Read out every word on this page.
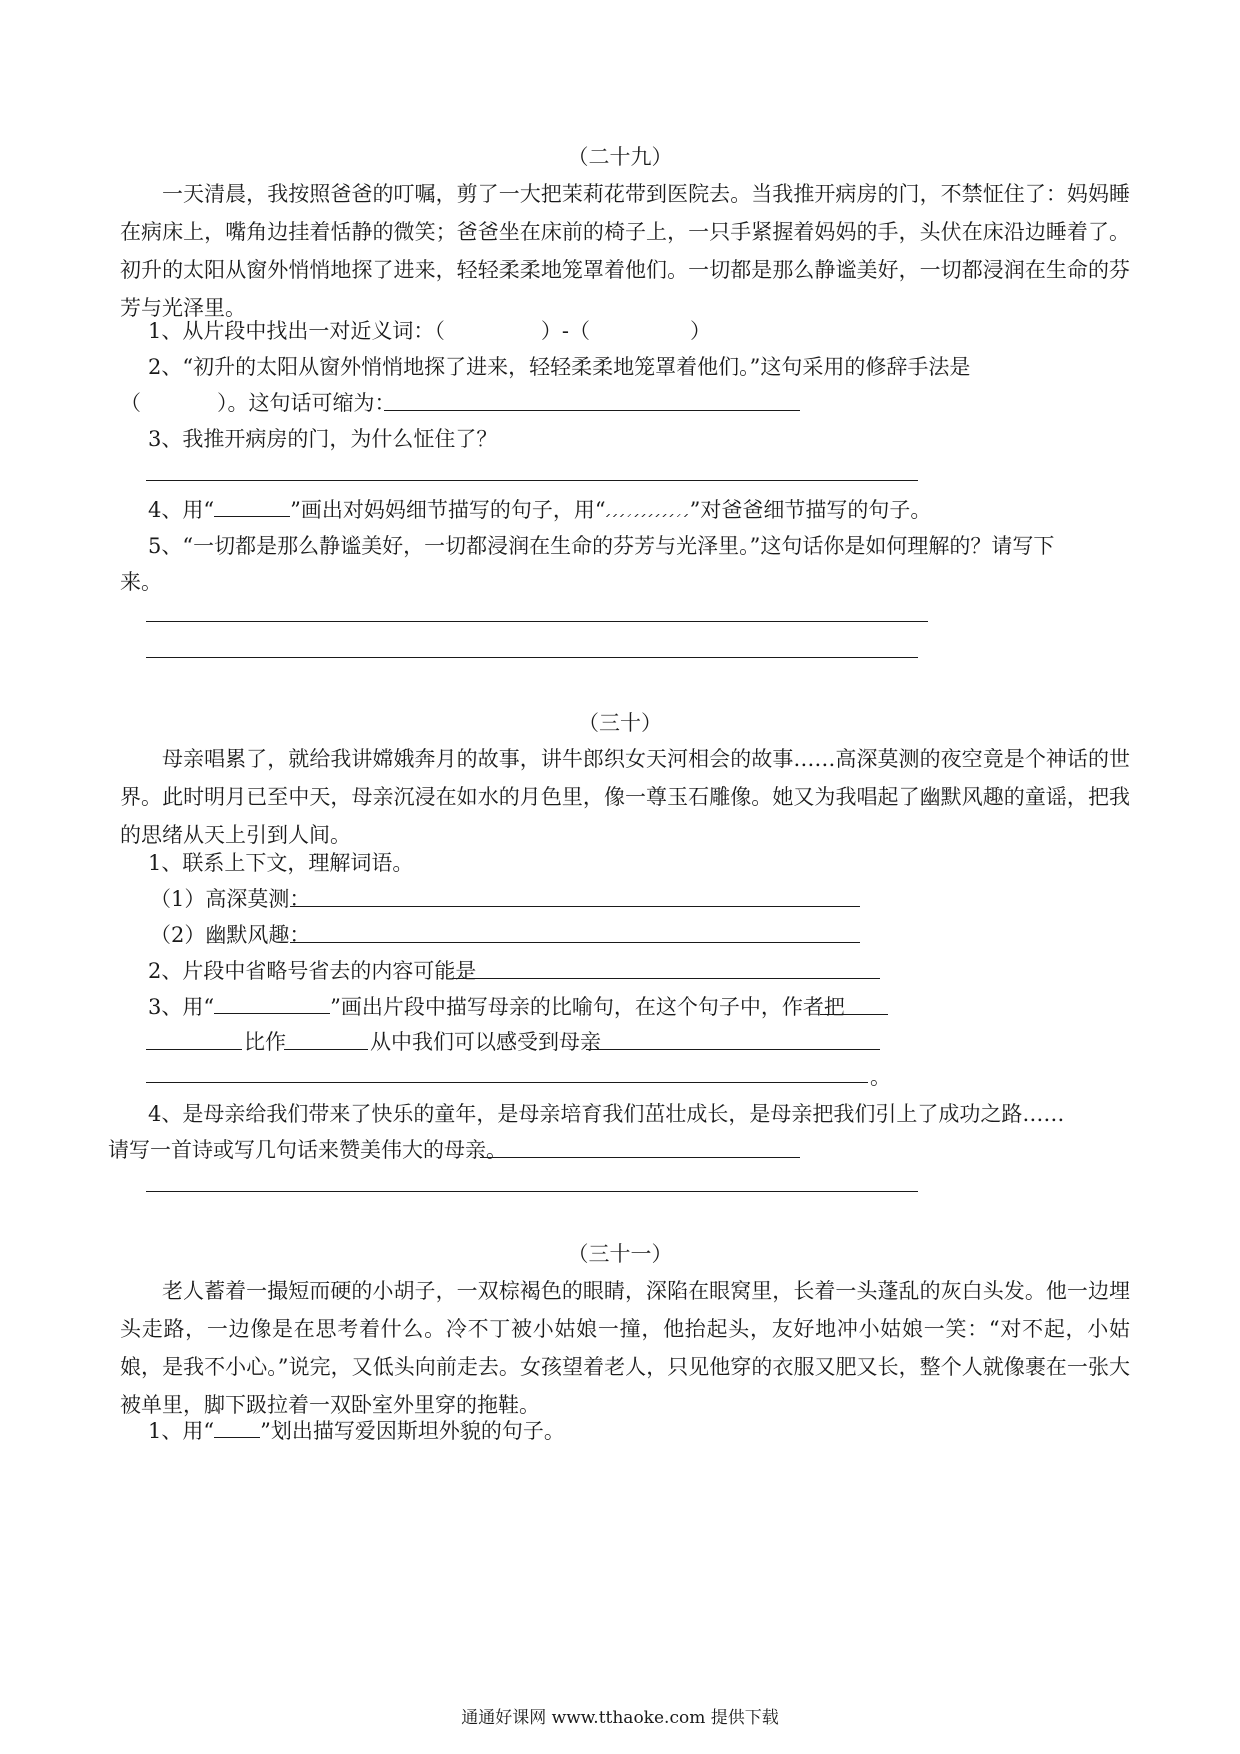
（二十九）
一天清晨，我按照爸爸的叮嘱，剪了一大把茉莉花带到医院去。当我推开病房的门，不禁怔住了：妈妈睡在病床上，嘴角边挂着恬静的微笑；爸爸坐在床前的椅子上，一只手紧握着妈妈的手，头伏在床沿边睡着了。初升的太阳从窗外悄悄地探了进来，轻轻柔柔地笼罩着他们。一切都是那么静谧美好，一切都浸润在生命的芬芳与光泽里。
1、从片段中找出一对近义词：（	）-（	）
2、“初升的太阳从窗外悄悄地探了进来，轻轻柔柔地笼罩着他们。”这句采用的修辞手法是
（	）。这句话可缩为：
3、我推开病房的门，为什么怔住了？
4、用“	”画出对妈妈细节描写的句子，用“	”对爸爸细节描写的句子。
5、“一切都是那么静谧美好，一切都浸润在生命的芬芳与光泽里。”这句话你是如何理解的？请写下
来。
（三十）
母亲唱累了，就给我讲嫦娥奔月的故事，讲牛郎织女天河相会的故事……高深莫测的夜空竟是个神话的世界。此时明月已至中天，母亲沉浸在如水的月色里，像一尊玉石雕像。她又为我唱起了幽默风趣的童谣，把我的思绪从天上引到人间。
1、联系上下文，理解词语。
（1）高深莫测：
（2）幽默风趣：
2、片段中省略号省去的内容可能是
3、用“	”画出片段中描写母亲的比喻句，在这个句子中，作者把
比作	从中我们可以感受到母亲
。
4、是母亲给我们带来了快乐的童年，是母亲培育我们茁壮成长，是母亲把我们引上了成功之路……
请写一首诗或写几句话来赞美伟大的母亲。
（三十一）
老人蓄着一撮短而硬的小胡子，一双棕褐色的眼睛，深陷在眼窝里，长着一头蓬乱的灰白头发。他一边埋头走路，一边像是在思考着什么。冷不丁被小姑娘一撞，他抬起头，友好地冲小姑娘一笑：“对不起，小姑娘，是我不小心。”说完，又低头向前走去。女孩望着老人，只见他穿的衣服又肥又长，整个人就像裹在一张大被单里，脚下趿拉着一双卧室外里穿的拖鞋。
1、用“ ”划出描写爱因斯坦外貌的句子。
通通好课网 www.tthaoke.com 提供下载
